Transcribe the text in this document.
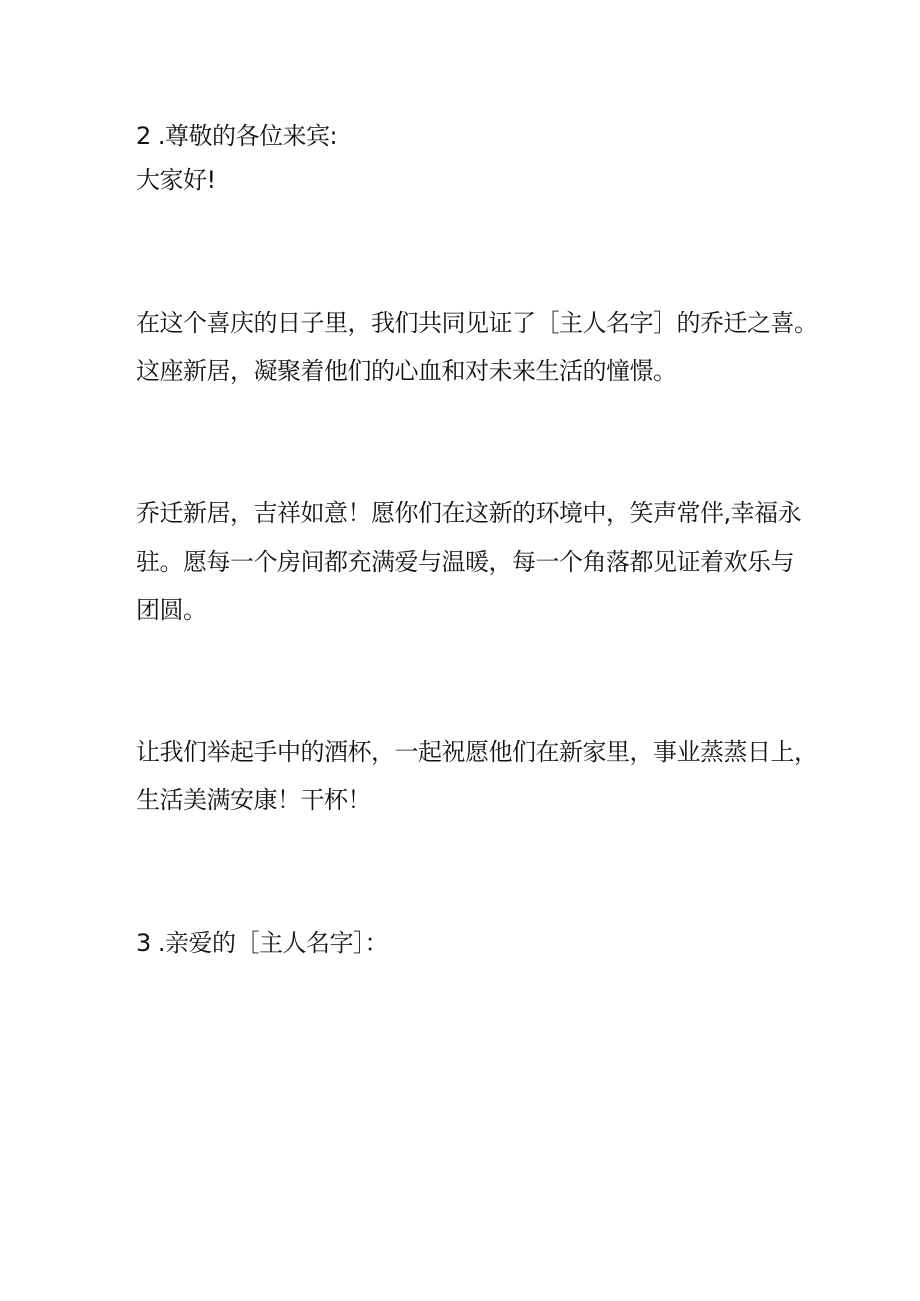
2 .尊敬的各位来宾:
大家好!
在这个喜庆的日子里，我们共同见证了［主人名字］的乔迁之喜。
这座新居，凝聚着他们的心血和对未来生活的憧憬。
乔迁新居，吉祥如意！愿你们在这新的环境中，笑声常伴,幸福永
驻。愿每一个房间都充满爱与温暖，每一个角落都见证着欢乐与
团圆。
让我们举起手中的酒杯，一起祝愿他们在新家里，事业蒸蒸日上，
生活美满安康！干杯！
3 .亲爱的［主人名字］：
